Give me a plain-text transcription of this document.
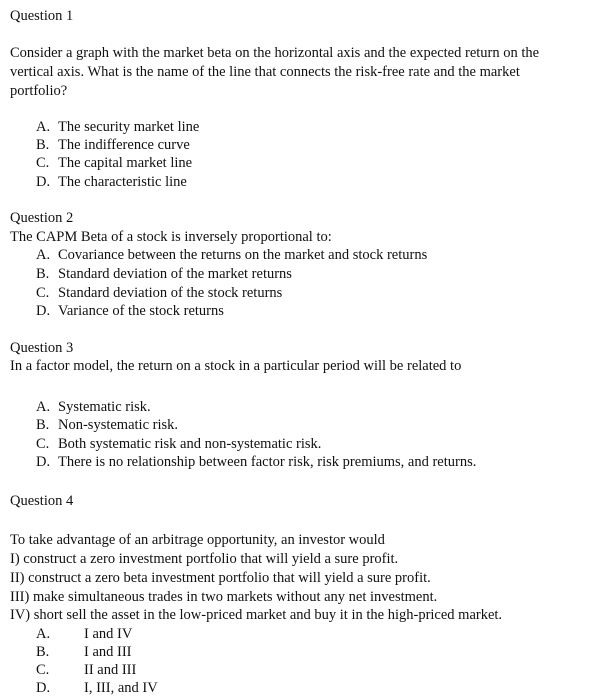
Question 1
Consider a graph with the market beta on the horizontal axis and the expected return on the
vertical axis. What is the name of the line that connects the risk-free rate and the market
portfolio?
A. The security market line
B. The indifference curve
C. The capital market line
D. The characteristic line
Question 2
The CAPM Beta of a stock is inversely proportional to:
A. Covariance between the returns on the market and stock returns
B. Standard deviation of the market returns
C. Standard deviation of the stock returns
D. Variance of the stock returns
Question 3
In a factor model, the return on a stock in a particular period will be related to
A. Systematic risk.
B. Non-systematic risk.
C. Both systematic risk and non-systematic risk.
D. There is no relationship between factor risk, risk premiums, and returns.
Question 4
To take advantage of an arbitrage opportunity, an investor would
I) construct a zero investment portfolio that will yield a sure profit.
II) construct a zero beta investment portfolio that will yield a sure profit.
III) make simultaneous trades in two markets without any net investment.
IV) short sell the asset in the low-priced market and buy it in the high-priced market.
A. I and IV
B. I and III
C. II and III
D. I, III, and IV
